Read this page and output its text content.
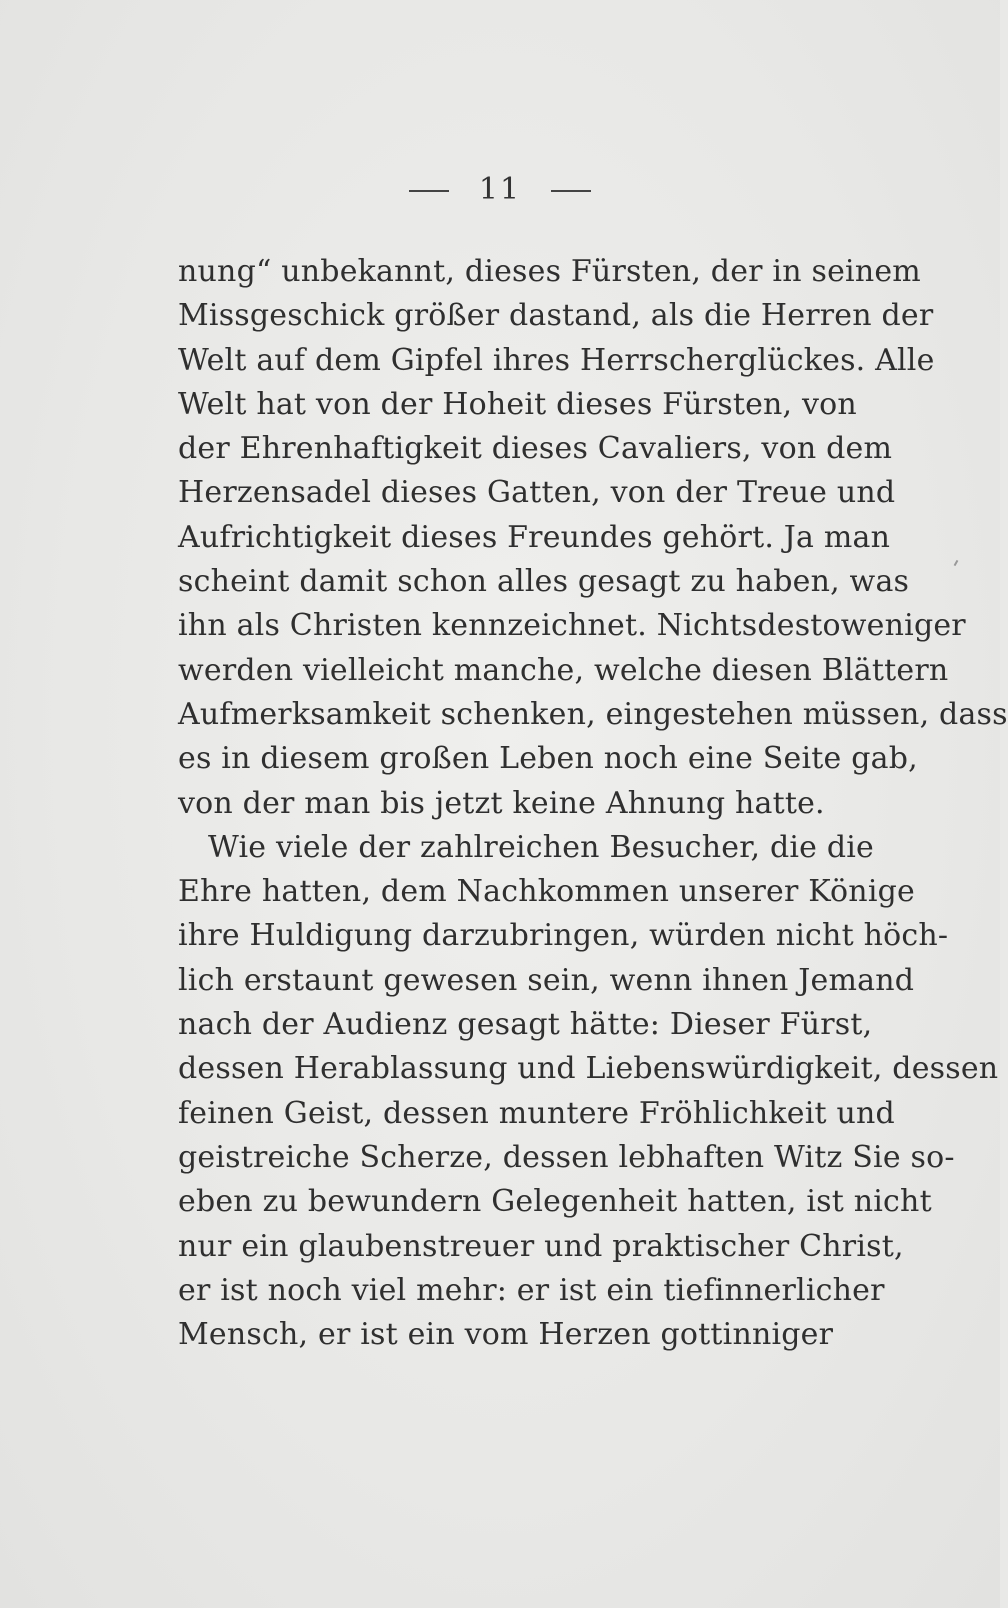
11
nung“ unbekannt, dieses Fürsten, der in seinem
Missgeschick größer dastand, als die Herren der
Welt auf dem Gipfel ihres Herrscherglückes. Alle
Welt hat von der Hoheit dieses Fürsten, von
der Ehrenhaftigkeit dieses Cavaliers, von dem
Herzensadel dieses Gatten, von der Treue und
Aufrichtigkeit dieses Freundes gehört. Ja man
scheint damit schon alles gesagt zu haben, was
ihn als Christen kennzeichnet. Nichtsdestoweniger
werden vielleicht manche, welche diesen Blättern
Aufmerksamkeit schenken, eingestehen müssen, dass
es in diesem großen Leben noch eine Seite gab,
von der man bis jetzt keine Ahnung hatte.
Wie viele der zahlreichen Besucher, die die
Ehre hatten, dem Nachkommen unserer Könige
ihre Huldigung darzubringen, würden nicht höch-
lich erstaunt gewesen sein, wenn ihnen Jemand
nach der Audienz gesagt hätte: Dieser Fürst,
dessen Herablassung und Liebenswürdigkeit, dessen
feinen Geist, dessen muntere Fröhlichkeit und
geistreiche Scherze, dessen lebhaften Witz Sie so-
eben zu bewundern Gelegenheit hatten, ist nicht
nur ein glaubenstreuer und praktischer Christ,
er ist noch viel mehr: er ist ein tiefinnerlicher
Mensch, er ist ein vom Herzen gottinniger
